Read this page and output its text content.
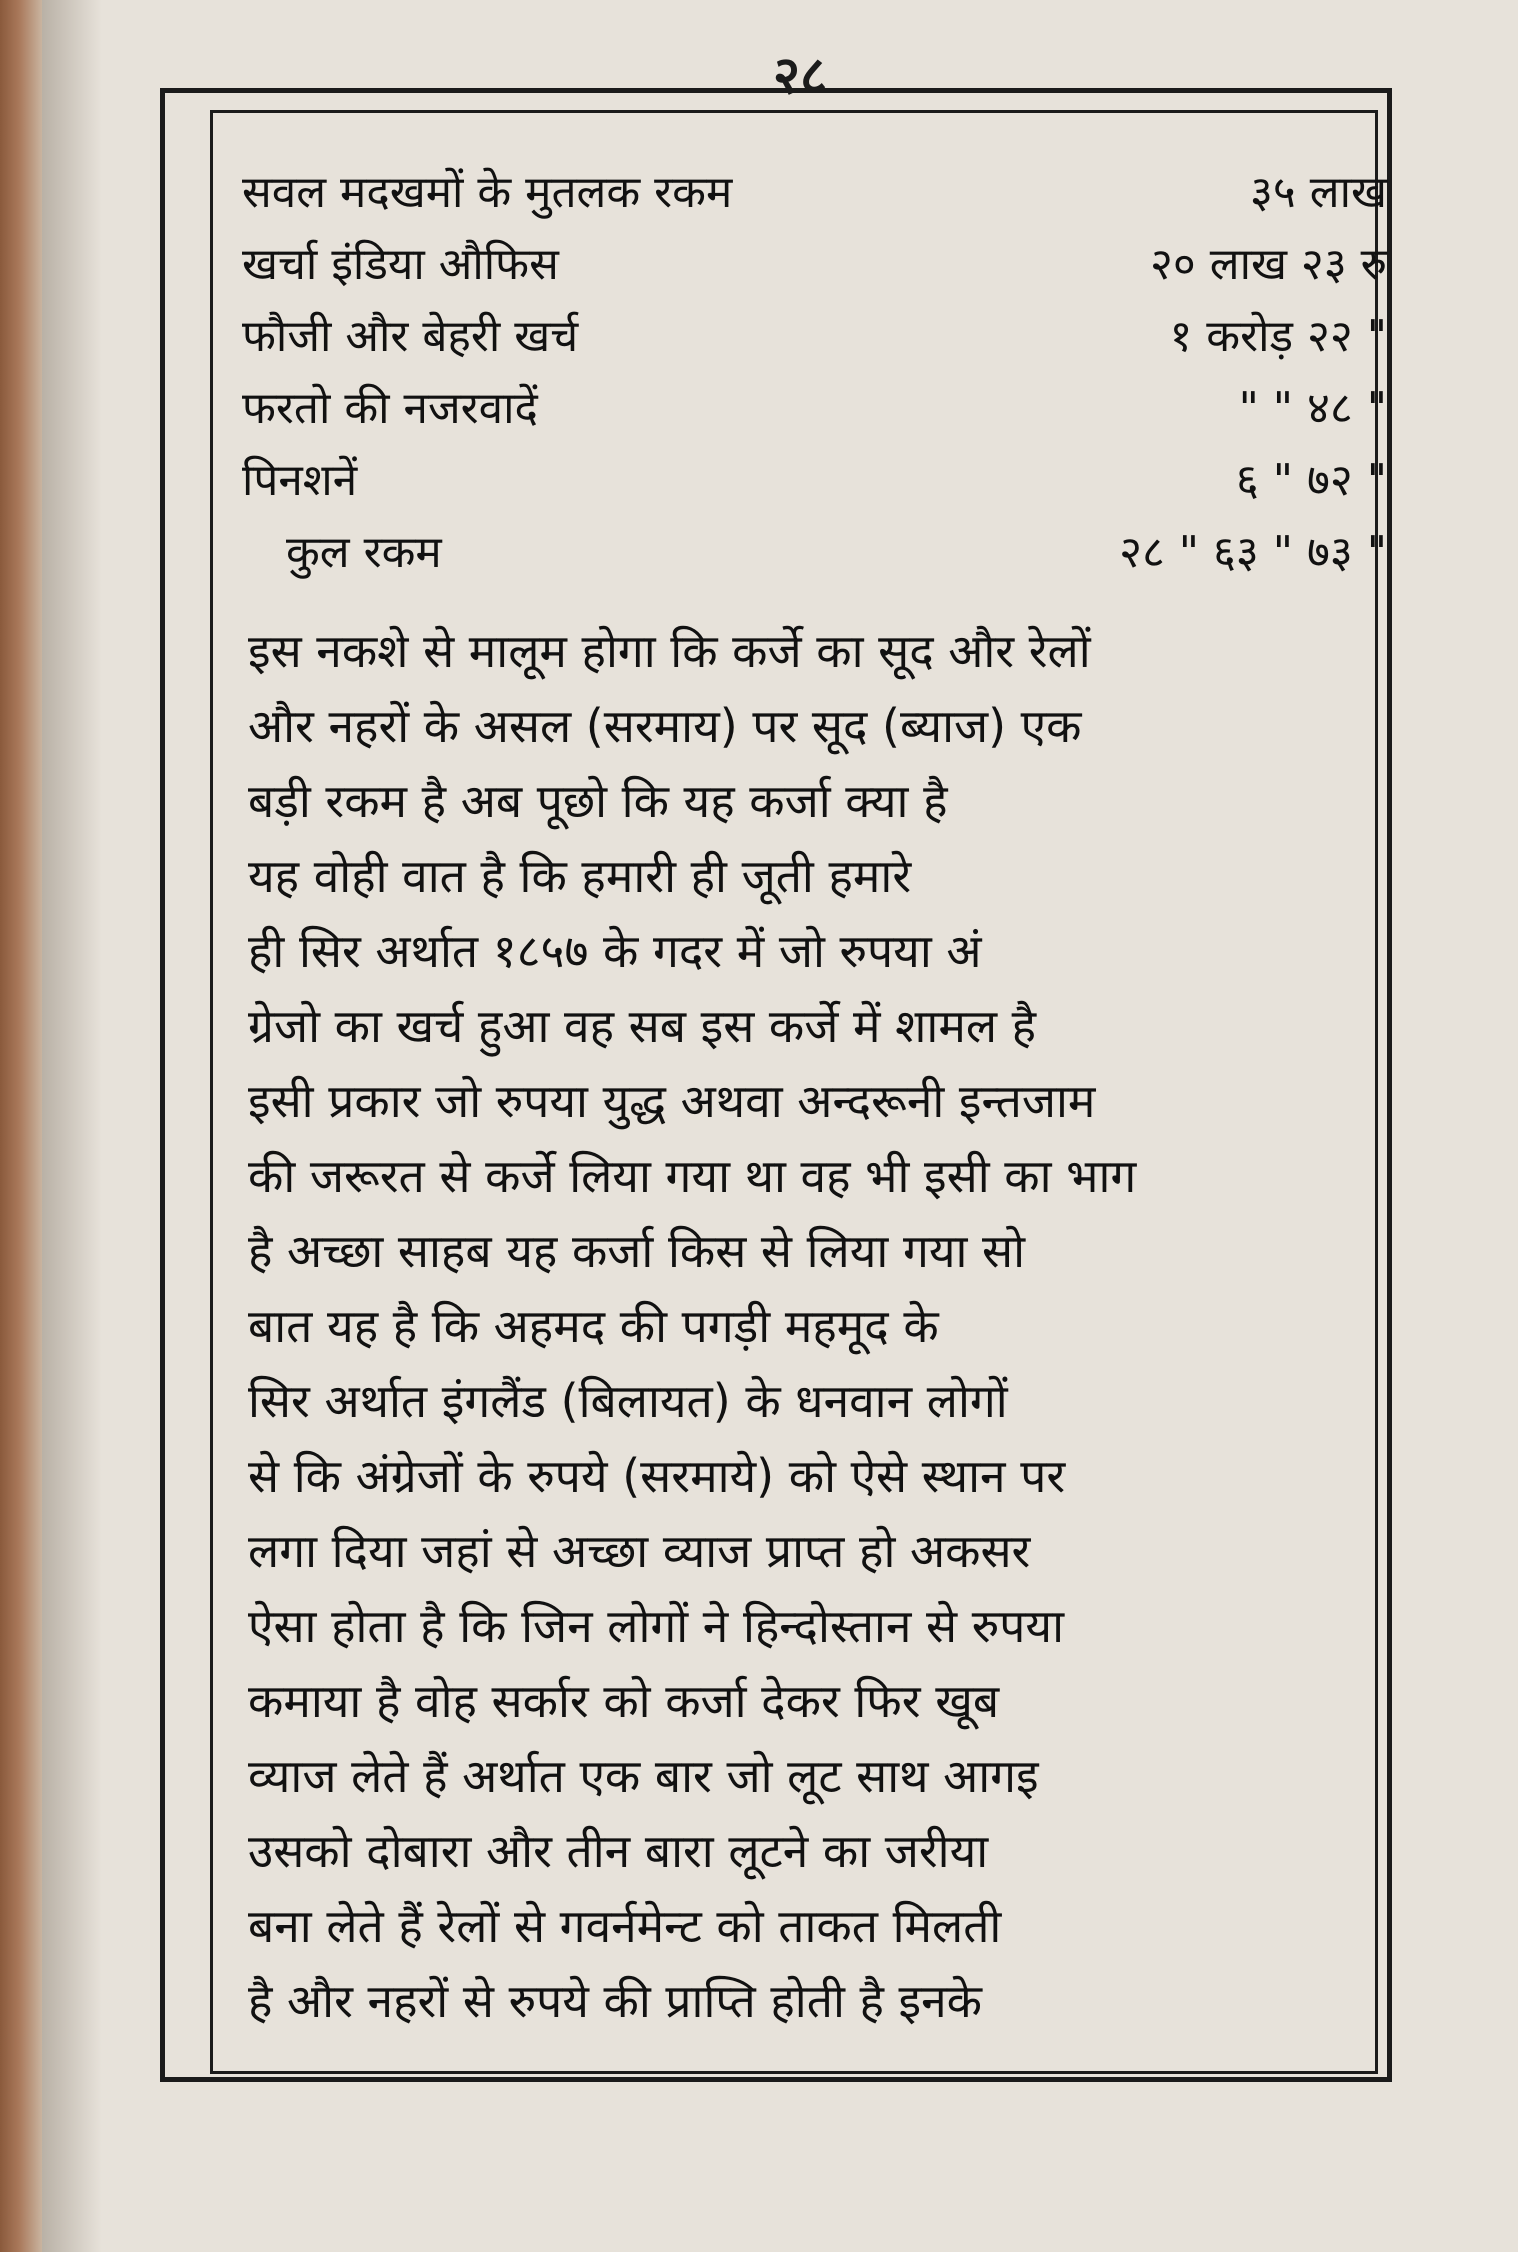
२८
सवल मदखमों के मुतलक रकम	३५ लाख
खर्चा इंडिया औफिस	२० लाख २३ रु
फौजी और बेहरी खर्च	१ करोड़ २२ "
फरतो की नजरवादें	" " ४८ "
पिनशनें	६ " ७२ "
कुल रकम	२८ " ६३ " ७३ "
इस नकशे से मालूम होगा कि कर्जे का सूद और रेलों
और नहरों के असल (सरमाय) पर सूद (ब्याज) एक
बड़ी रकम है अब पूछो कि यह कर्जा क्या है
यह वोही वात है कि हमारी ही जूती हमारे
ही सिर अर्थात १८५७ के गदर में जो रुपया अं
ग्रेजो का खर्च हुआ वह सब इस कर्जे में शामल है
इसी प्रकार जो रुपया युद्ध अथवा अन्दरूनी इन्तजाम
की जरूरत से कर्जे लिया गया था वह भी इसी का भाग
है अच्छा साहब यह कर्जा किस से लिया गया सो
बात यह है कि अहमद की पगड़ी महमूद के
सिर अर्थात इंगलैंड (बिलायत) के धनवान लोगों
से कि अंग्रेजों के रुपये (सरमाये) को ऐसे स्थान पर
लगा दिया जहां से अच्छा व्याज प्राप्त हो अकसर
ऐसा होता है कि जिन लोगों ने हिन्दोस्तान से रुपया
कमाया है वोह सर्कार को कर्जा देकर फिर खूब
व्याज लेते हैं अर्थात एक बार जो लूट साथ आगइ
उसको दोबारा और तीन बारा लूटने का जरीया
बना लेते हैं रेलों से गवर्नमेन्ट को ताकत मिलती
है और नहरों से रुपये की प्राप्ति होती है इनके
